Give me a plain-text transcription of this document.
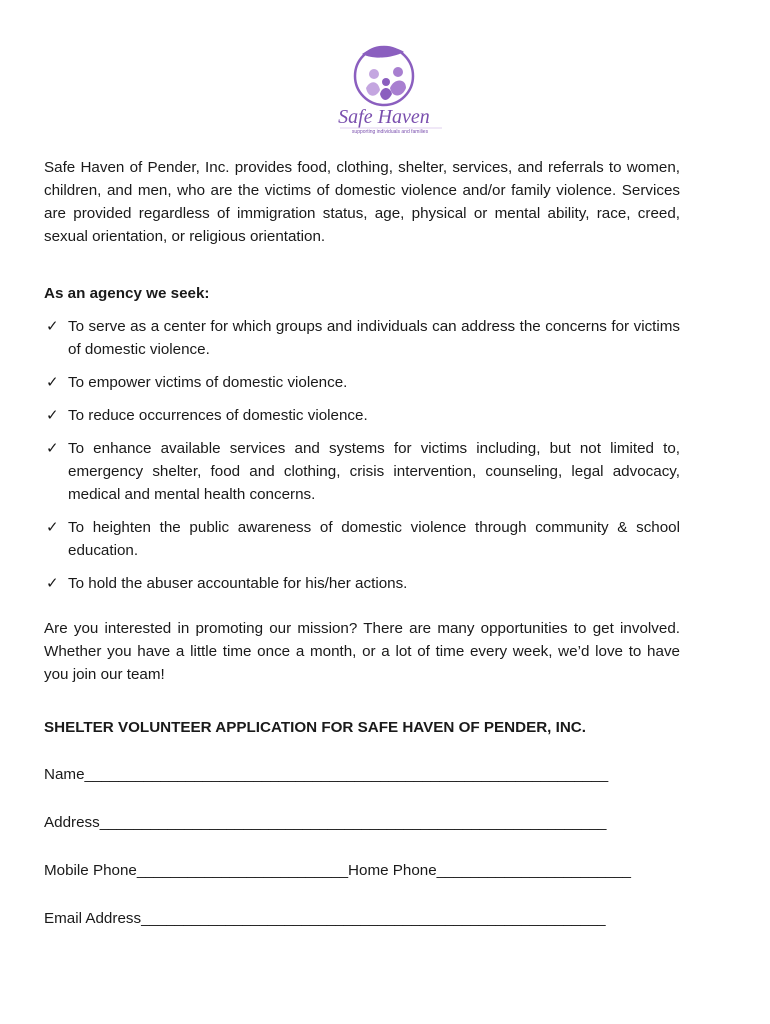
Safe Haven
supporting individuals and families

Safe Haven of Pender, Inc. provides food, clothing, shelter, services, and referrals to women, children, and men, who are the victims of domestic violence and/or family violence. Services are provided regardless of immigration status, age, physical or mental ability, race, creed, sexual orientation, or religious orientation.

As an agency we seek:
✓ To serve as a center for which groups and individuals can address the concerns for victims of domestic violence.
✓ To empower victims of domestic violence.
✓ To reduce occurrences of domestic violence.
✓ To enhance available services and systems for victims including, but not limited to, emergency shelter, food and clothing, crisis intervention, counseling, legal advocacy, medical and mental health concerns.
✓ To heighten the public awareness of domestic violence through community & school education.
✓ To hold the abuser accountable for his/her actions.

Are you interested in promoting our mission? There are many opportunities to get involved. Whether you have a little time once a month, or a lot of time every week, we’d love to have you join our team!

SHELTER VOLUNTEER APPLICATION FOR SAFE HAVEN OF PENDER, INC.
Name______________________________________________________________
Address____________________________________________________________
Mobile Phone_________________________Home Phone_______________________
Email Address_______________________________________________________
